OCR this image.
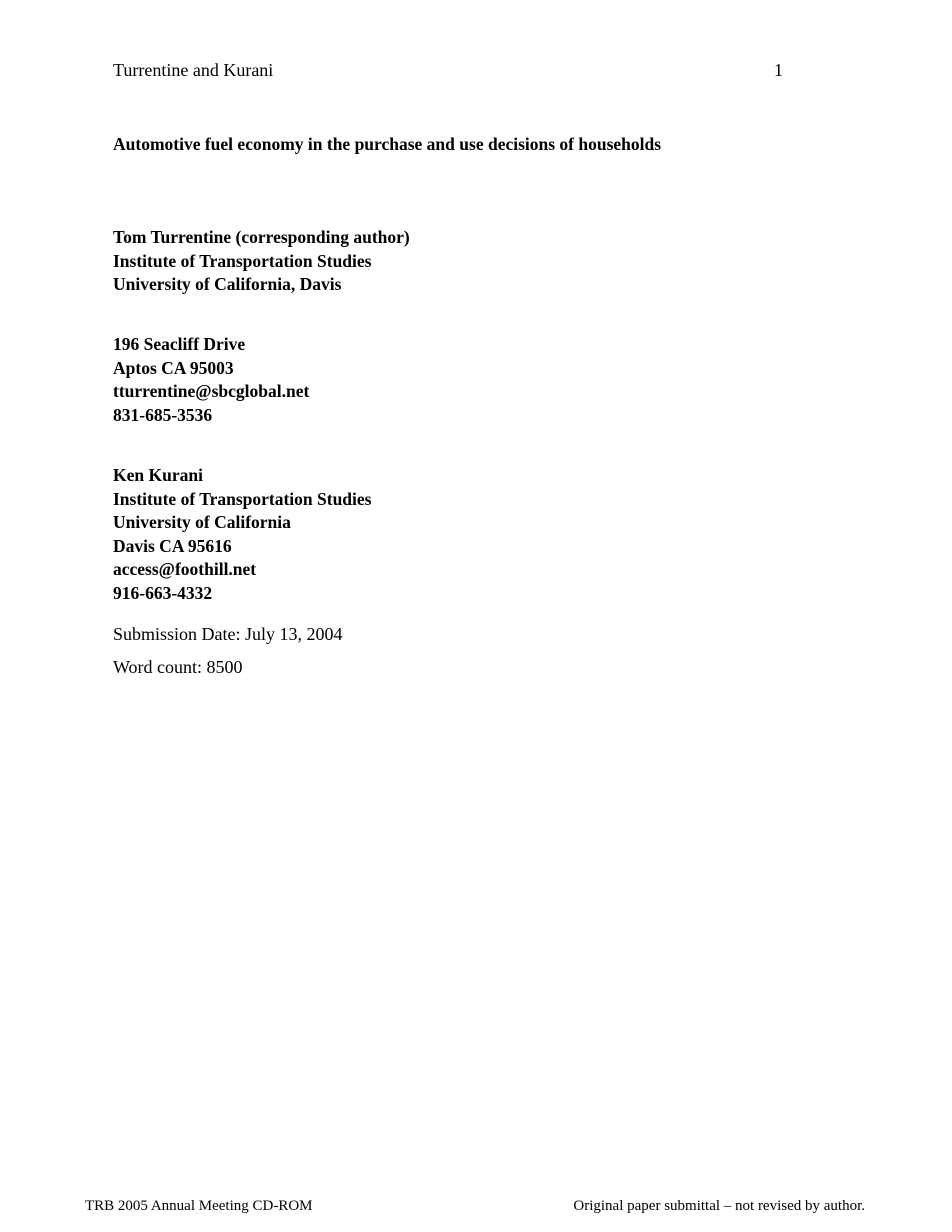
Turrentine and Kurani	1
Automotive fuel economy in the purchase and use decisions of households
Tom Turrentine (corresponding author)
Institute of Transportation Studies
University of California, Davis
196 Seacliff Drive
Aptos CA 95003
tturrentine@sbcglobal.net
831-685-3536
Ken Kurani
Institute of Transportation Studies
University of California
Davis CA 95616
access@foothill.net
916-663-4332
Submission Date: July 13, 2004
Word count: 8500
TRB 2005 Annual Meeting CD-ROM	Original paper submittal – not revised by author.
